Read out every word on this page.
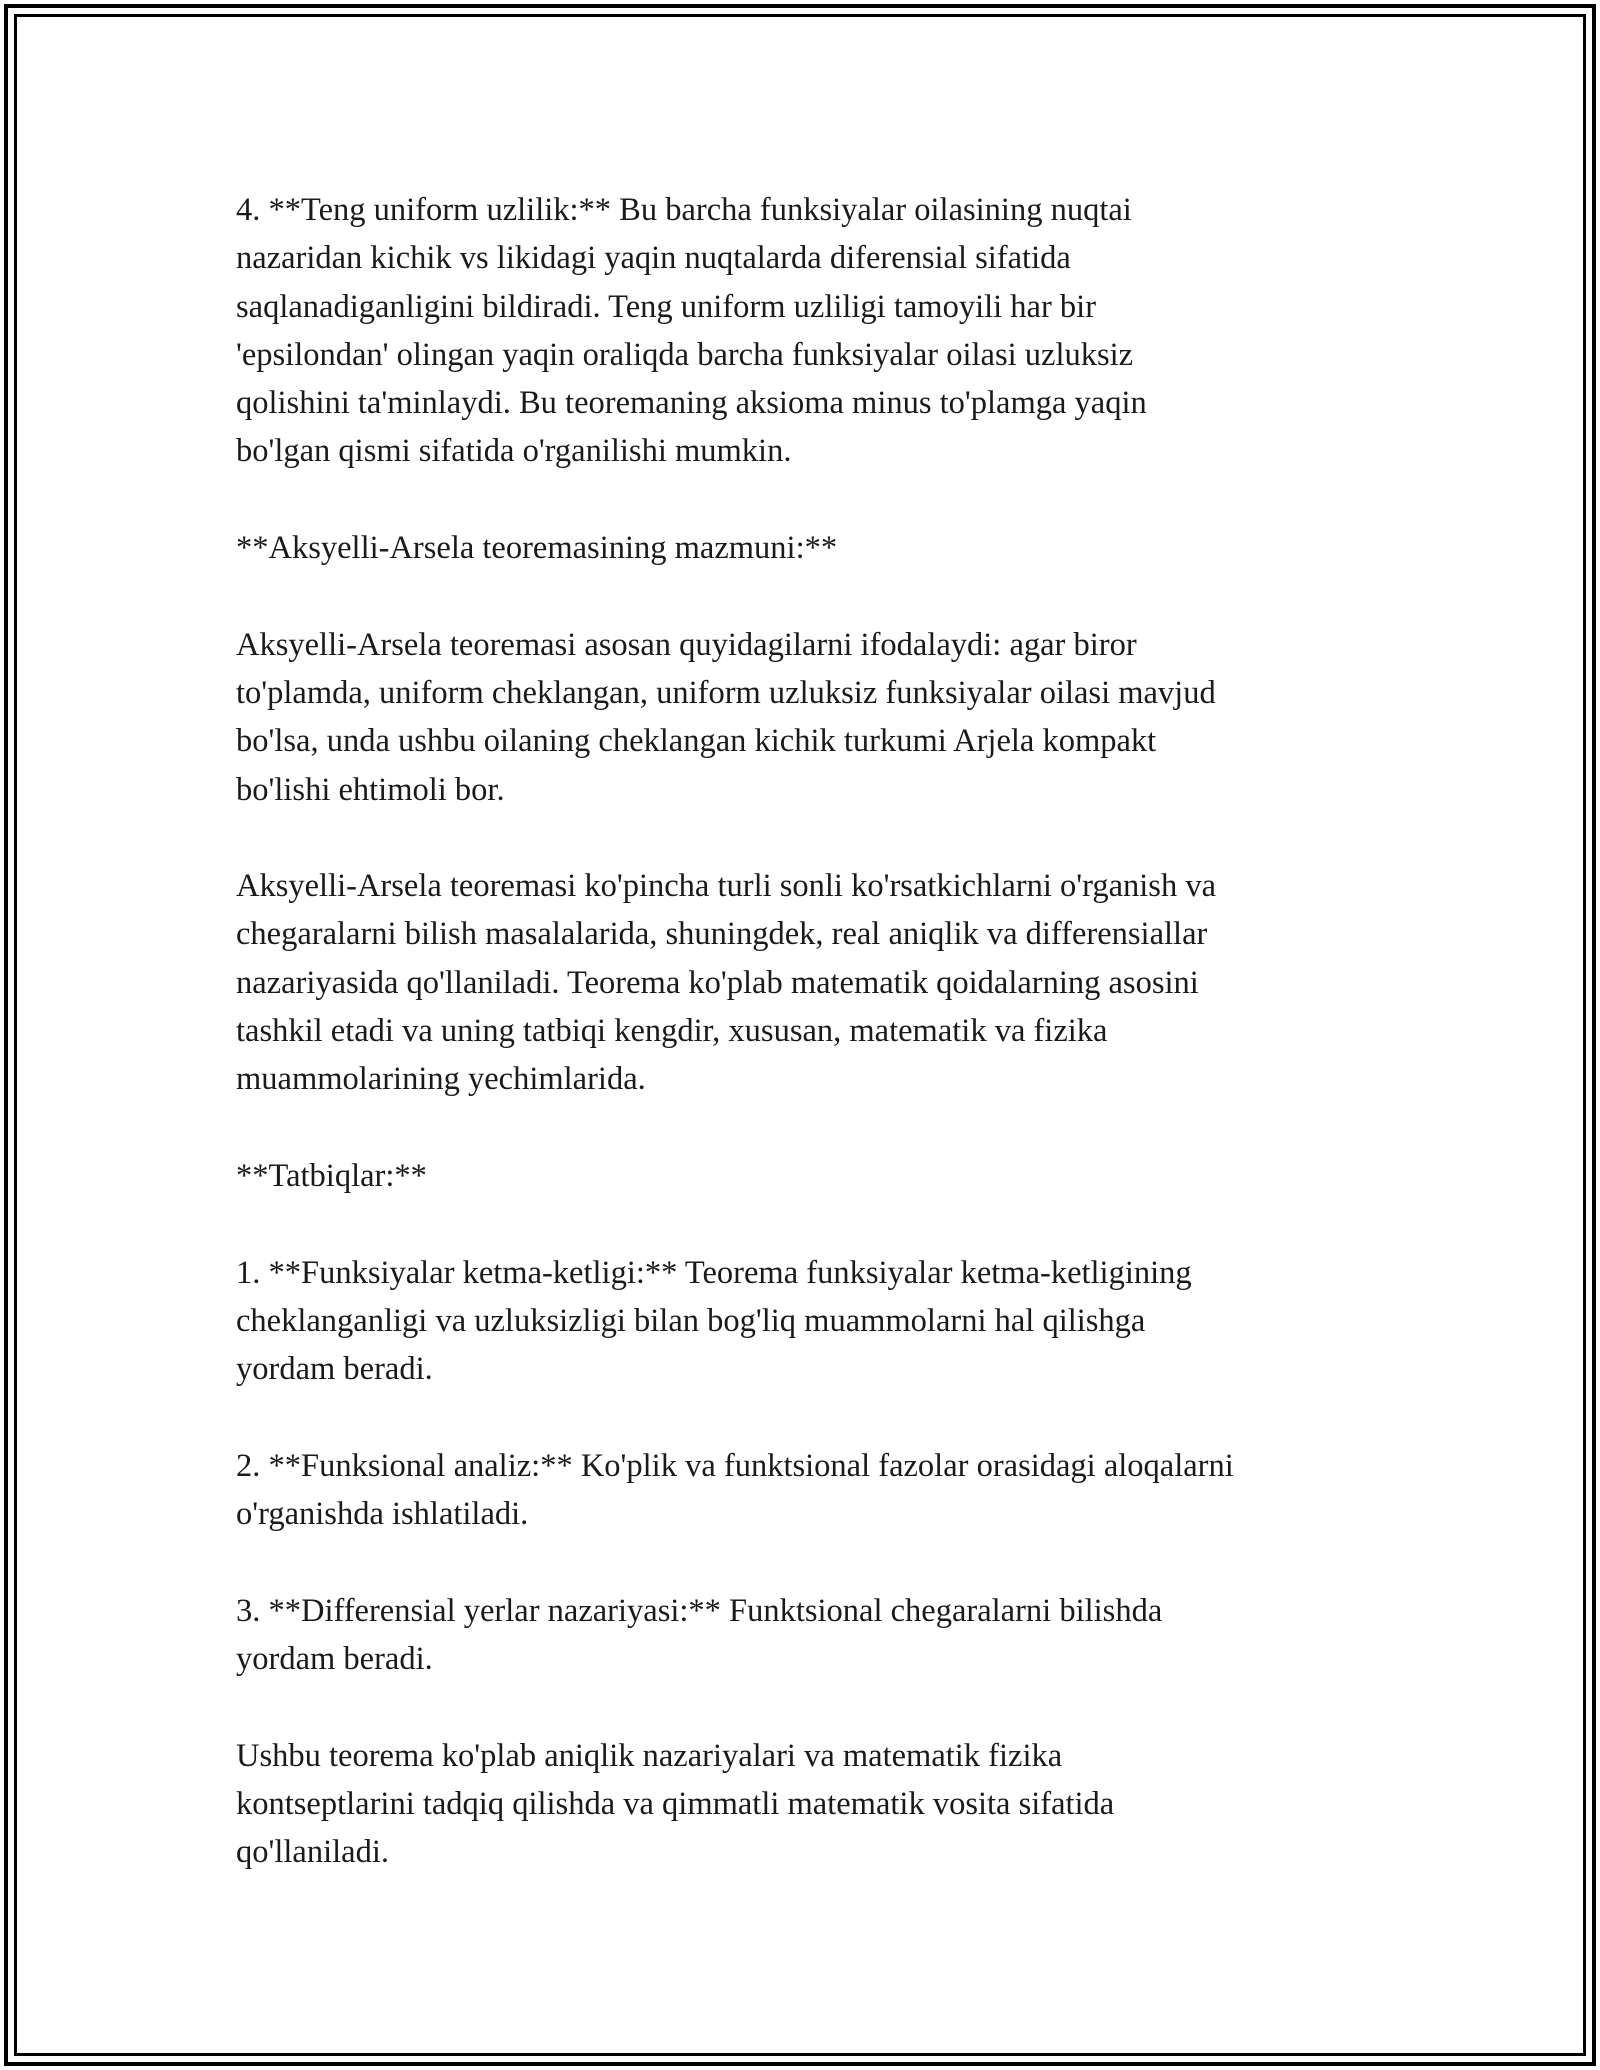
4. **Teng uniform uzlilik:** Bu barcha funksiyalar oilasining nuqtai
nazaridan kichik vs likidagi yaqin nuqtalarda diferensial sifatida
saqlanadiganligini bildiradi. Teng uniform uzliligi tamoyili har bir
'epsilondan' olingan yaqin oraliqda barcha funksiyalar oilasi uzluksiz
qolishini ta'minlaydi. Bu teoremaning aksioma minus to'plamga yaqin
bo'lgan qismi sifatida o'rganilishi mumkin.

**Aksyelli-Arsela teoremasining mazmuni:**

Aksyelli-Arsela teoremasi asosan quyidagilarni ifodalaydi: agar biror
to'plamda, uniform cheklangan, uniform uzluksiz funksiyalar oilasi mavjud
bo'lsa, unda ushbu oilaning cheklangan kichik turkumi Arjela kompakt
bo'lishi ehtimoli bor.

Aksyelli-Arsela teoremasi ko'pincha turli sonli ko'rsatkichlarni o'rganish va
chegaralarni bilish masalalarida, shuningdek, real aniqlik va differensiallar
nazariyasida qo'llaniladi. Teorema ko'plab matematik qoidalarning asosini
tashkil etadi va uning tatbiqi kengdir, xususan, matematik va fizika
muammolarining yechimlarida.

**Tatbiqlar:**

1. **Funksiyalar ketma-ketligi:** Teorema funksiyalar ketma-ketligining
cheklanganligi va uzluksizligi bilan bog'liq muammolarni hal qilishga
yordam beradi.

2. **Funksional analiz:** Ko'plik va funktsional fazolar orasidagi aloqalarni
o'rganishda ishlatiladi.

3. **Differensial yerlar nazariyasi:** Funktsional chegaralarni bilishda
yordam beradi.

Ushbu teorema ko'plab aniqlik nazariyalari va matematik fizika
kontseptlarini tadqiq qilishda va qimmatli matematik vosita sifatida
qo'llaniladi.
